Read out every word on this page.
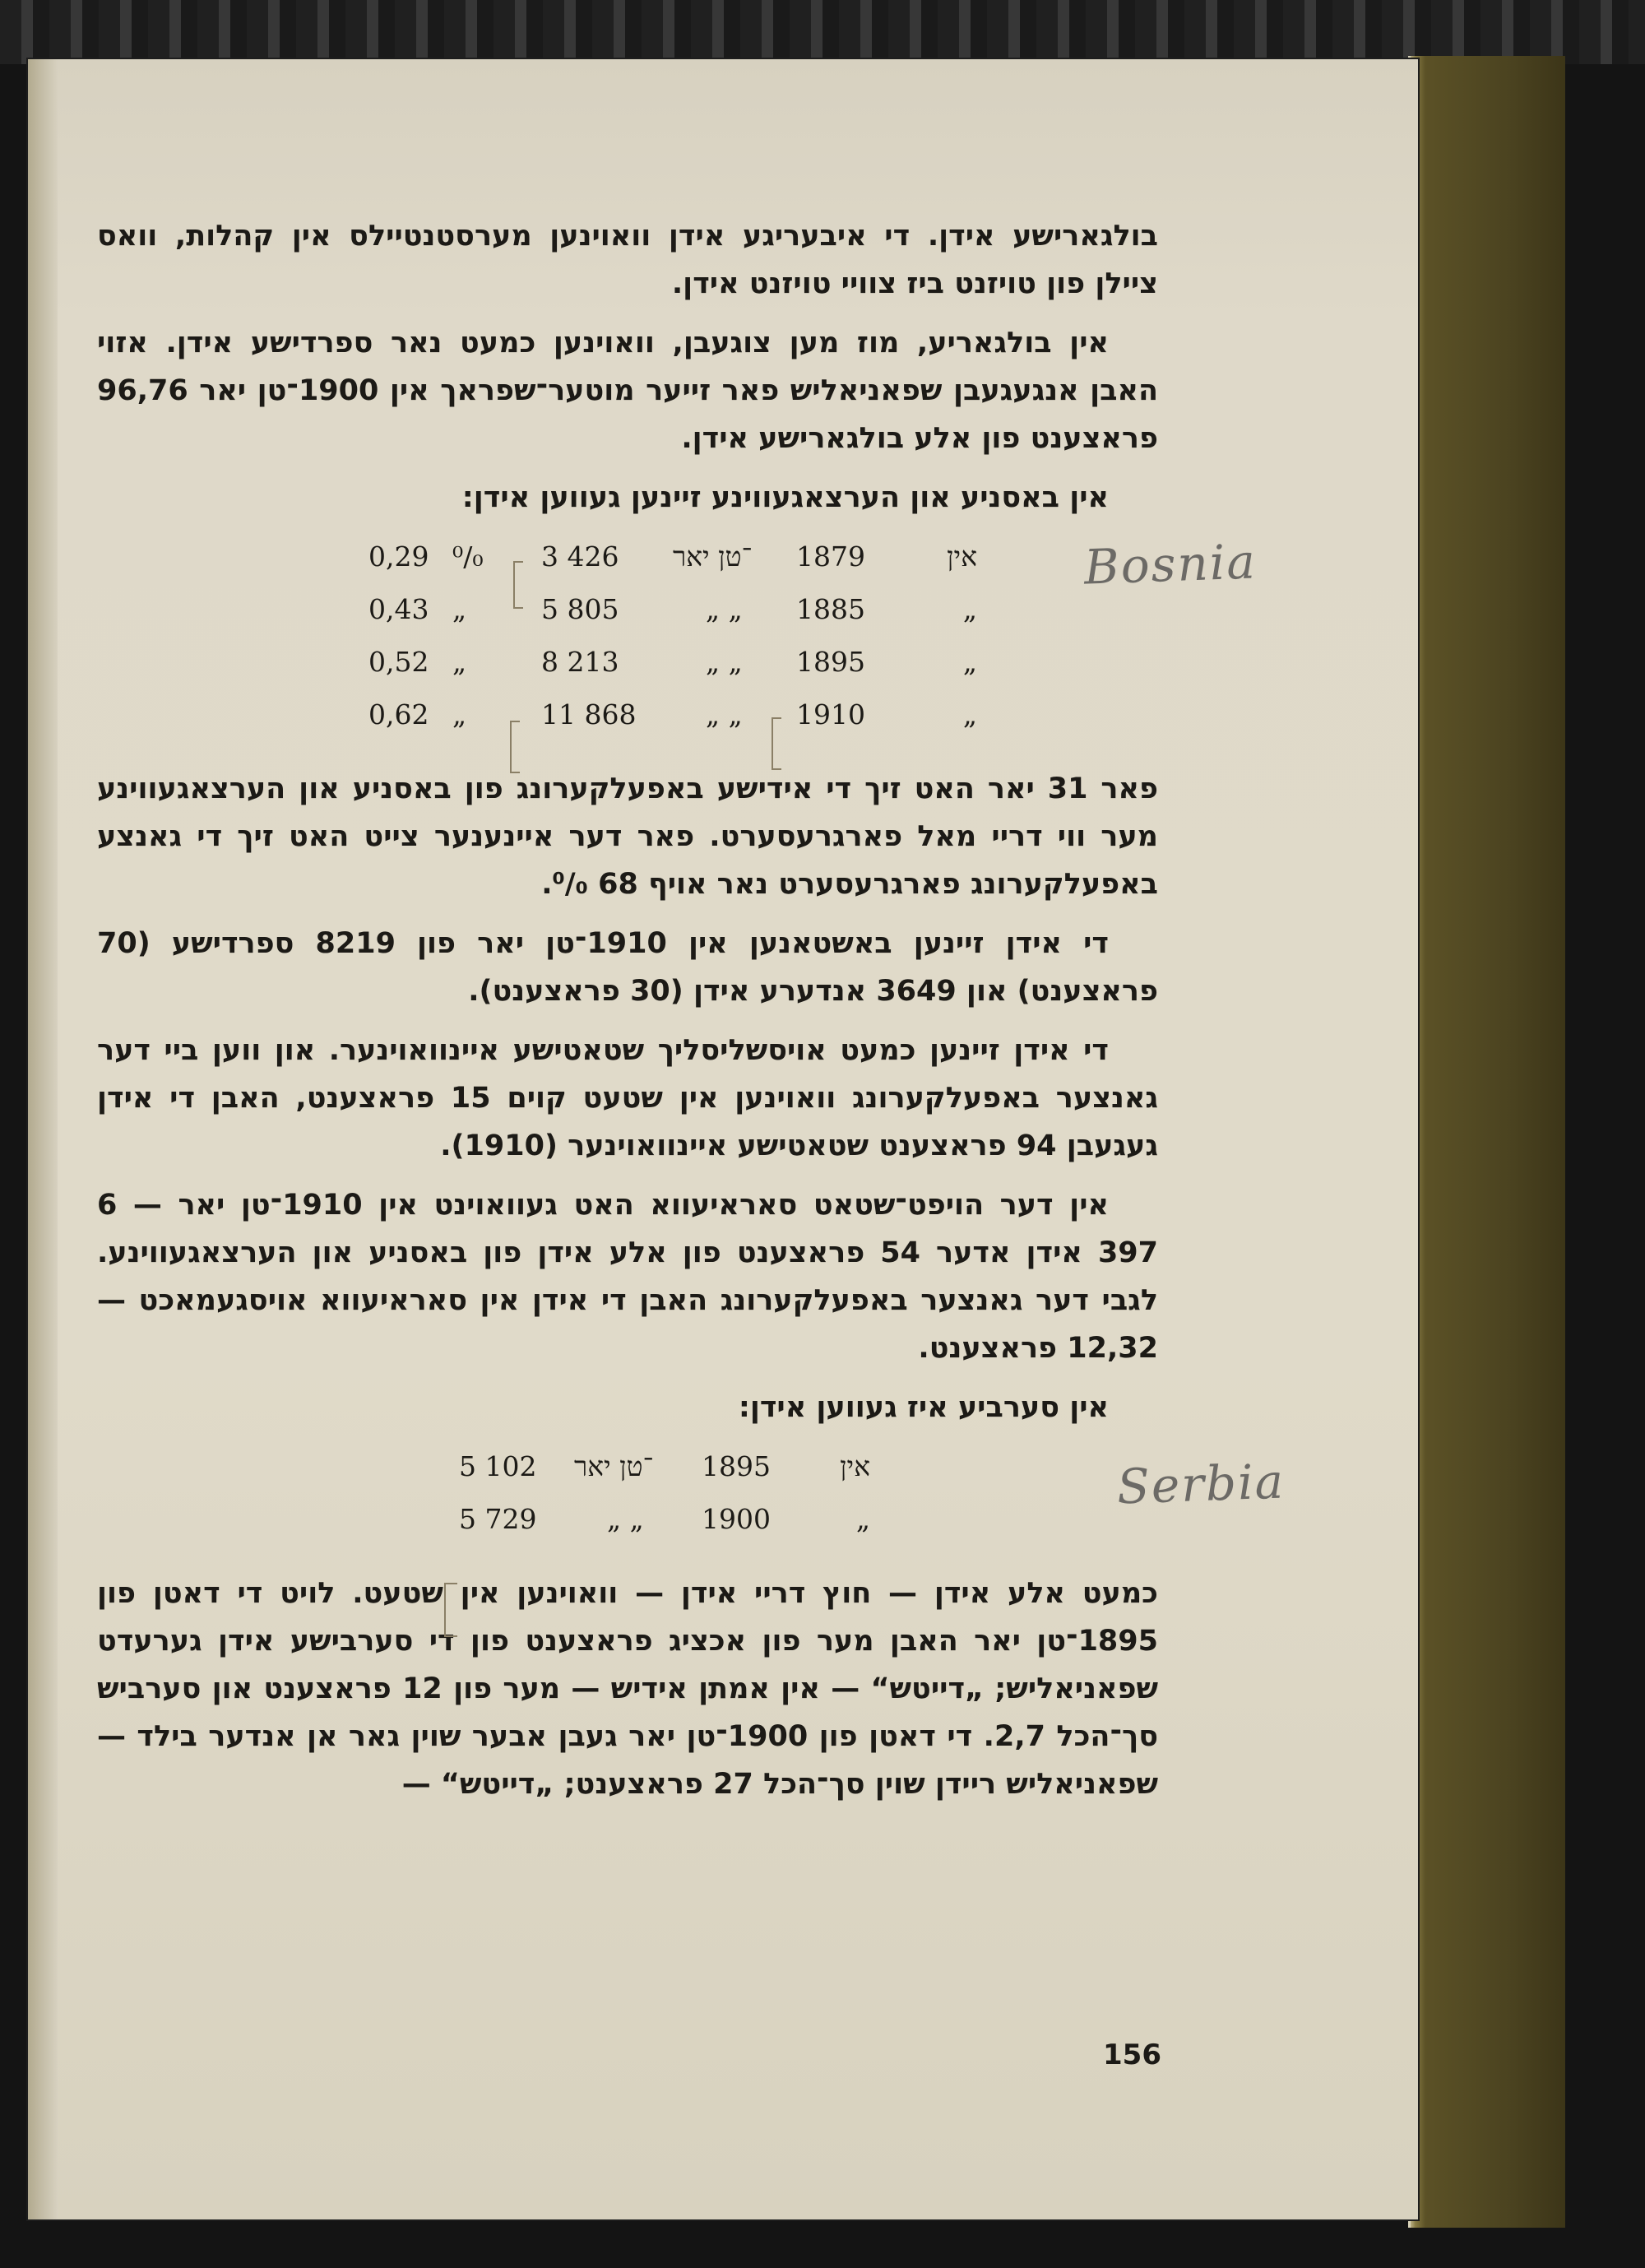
בולגארישע אידן. די איבעריגע אידן וואוינען מערסטנטיילס אין קהלות, וואס ציילן פון טויזנט ביז צוויי טויזנט אידן.

אין בולגאריע, מוז מען צוגעבן, וואוינען כמעט נאר ספרדישע אידן. אזוי האבן אנגעגעבן שפאניאליש פאר זייער מוטער־שפראך אין 1900־טן יאר 96,76 פראצענט פון אלע בולגארישע אידן.

אין באסניע און הערצאגעווינע זיינען געווען אידן:

0,29 ⁰/₀ 3 426 ־טן יאר 1879	אין
0,43 „	5 805	„ „ 1885	„
0,52 „	8 213	„ „ 1895	„
0,62 „	11 868	„ „ 1910	„

פאר 31 יאר האט זיך די אידישע באפעלקערונג פון באסניע און הערצאגעווינע מער ווי דריי מאל פארגרעסערט. פאר דער איינענער צייט האט זיך די גאנצע באפעלקערונג פארגרעסערט נאר אויף 68 ⁰/₀.

די אידן זיינען באשטאנען אין 1910־טן יאר פון 8219 ספרדישע (70 פראצענט) און 3649 אנדערע אידן (30 פראצענט).

די אידן זיינען כמעט אויסשליסליך שטאטישע איינוואוינער. און ווען ביי דער גאנצער באפעלקערונג וואוינען אין שטעט קוים 15 פראצענט, האבן די אידן געגעבן 94 פראצענט שטאטישע איינוואוינער (1910).

אין דער הויפט־שטאט סאראיעווא האט געוואוינט אין 1910־טן יאר — 6 397 אידן אדער 54 פראצענט פון אלע אידן פון באסניע און הערצאגעווינע. לגבי דער גאנצער באפעלקערונג האבן די אידן אין סאראיעווא אויסגעמאכט — 12,32 פראצענט.

אין סערביע איז געווען אידן:

5 102 ־טן יאר 1895	אין
5 729	„ „ 1900	„

כמעט אלע אידן — חוץ דריי אידן — וואוינען אין שטעט. לויט די דאטן פון 1895־טן יאר האבן מער פון אכציג פראצענט פון די סערבישע אידן גערעדט שפאניאליש; „דייטש“ — אין אמתן אידיש — מער פון 12 פראצענט און סערביש סך־הכל 2,7. די דאטן פון 1900־טן יאר געבן אבער שוין גאר אן אנדער בילד — שפאניאליש ריידן שוין סך־הכל 27 פראצענט; „דייטש“ —

156
Bosnia
Serbia
